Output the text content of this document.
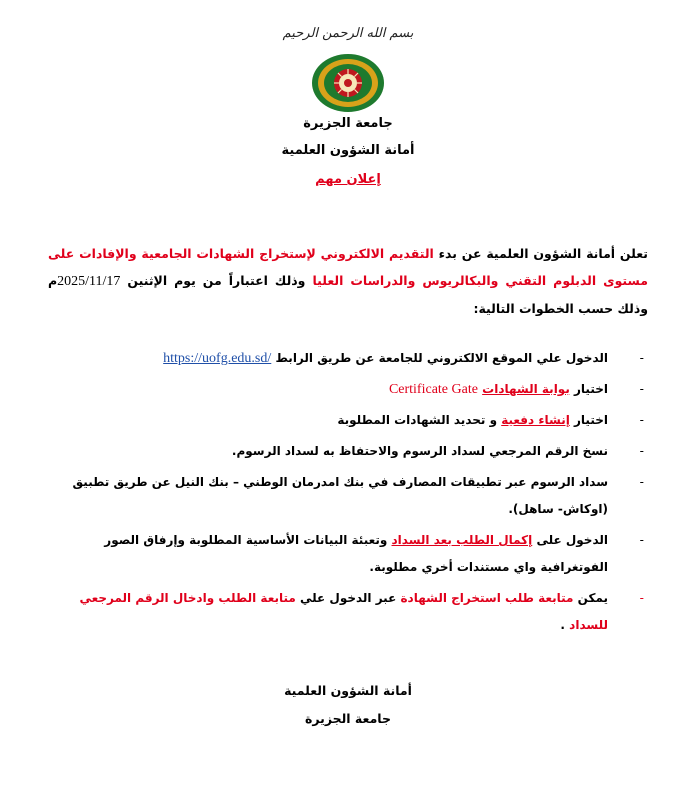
بسم الله الرحمن الرحيم
جامعة الجزيرة
أمانة الشؤون العلمية
إعلان مهم

تعلن أمانة الشؤون العلمية عن بدء التقديم الالكتروني لإستخراج الشهادات الجامعية والإفادات على مستوى الدبلوم التقني والبكالريوس والدراسات العليا وذلك اعتباراً من يوم الإثنين 2025/11/17م وذلك حسب الخطوات التالية:

-
الدخول علي الموقع الالكتروني للجامعة عن طريق الرابط https://uofg.edu.sd/
-
اختيار بوابة الشهادات Certificate Gate
-
اختيار إنشاء دفعية و تحديد الشهادات المطلوبة
-
نسخ الرقم المرجعي لسداد الرسوم والاحتفاظ به لسداد الرسوم.
-
سداد الرسوم عبر تطبيقات المصارف في بنك امدرمان الوطني – بنك النيل عن طريق تطبيق (اوكاش- ساهل).
-
الدخول على إكمال الطلب بعد السداد وتعبئة البيانات الأساسية المطلوبة وإرفاق الصور الفوتغرافية واي مستندات أخري مطلوبة.
-
يمكن متابعة طلب استخراج الشهادة عبر الدخول علي متابعة الطلب وادخال الرقم المرجعي للسداد .
أمانة الشؤون العلمية
جامعة الجزيرة
